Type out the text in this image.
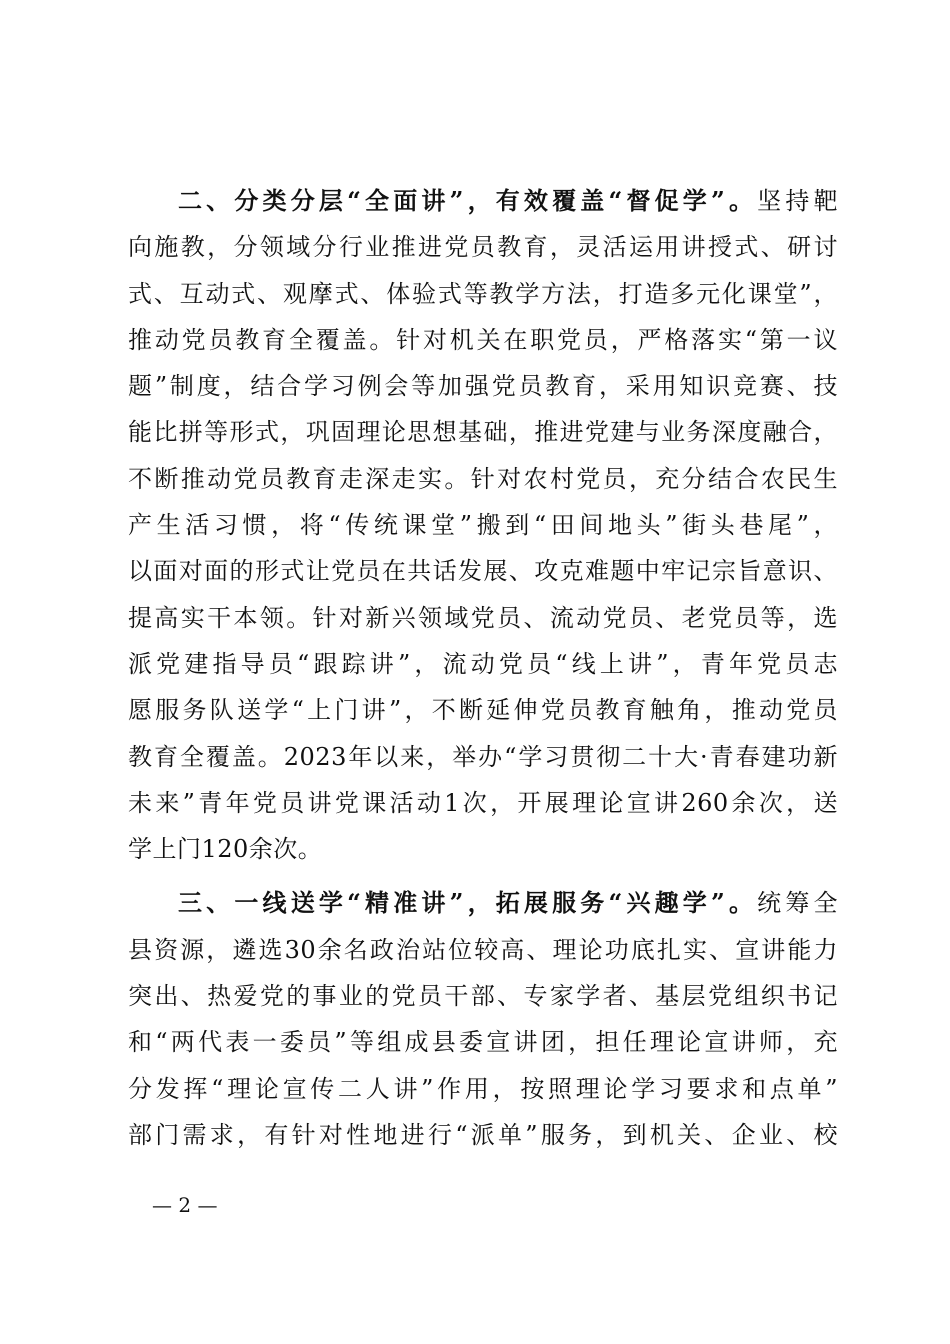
二、分类分层“全面讲”，有效覆盖“督促学”。坚持靶
向施教，分领域分行业推进党员教育，灵活运用讲授式、研讨
式、互动式、观摩式、体验式等教学方法，打造多元化课堂”，
推动党员教育全覆盖。针对机关在职党员，严格落实“第一议
题”制度，结合学习例会等加强党员教育，采用知识竞赛、技
能比拼等形式，巩固理论思想基础，推进党建与业务深度融合，
不断推动党员教育走深走实。针对农村党员，充分结合农民生
产生活习惯，将“传统课堂”搬到“田间地头”街头巷尾”，
以面对面的形式让党员在共话发展、攻克难题中牢记宗旨意识、
提高实干本领。针对新兴领域党员、流动党员、老党员等，选
派党建指导员“跟踪讲”，流动党员“线上讲”，青年党员志
愿服务队送学“上门讲”，不断延伸党员教育触角，推动党员
教育全覆盖。2023年以来，举办“学习贯彻二十大·青春建功新
未来”青年党员讲党课活动1次，开展理论宣讲260余次，送
学上门120余次。
三、一线送学“精准讲”，拓展服务“兴趣学”。统筹全
县资源，遴选30余名政治站位较高、理论功底扎实、宣讲能力
突出、热爱党的事业的党员干部、专家学者、基层党组织书记
和“两代表一委员”等组成县委宣讲团，担任理论宣讲师，充
分发挥“理论宣传二人讲”作用，按照理论学习要求和点单”
部门需求，有针对性地进行“派单”服务，到机关、企业、校
— 2 —
